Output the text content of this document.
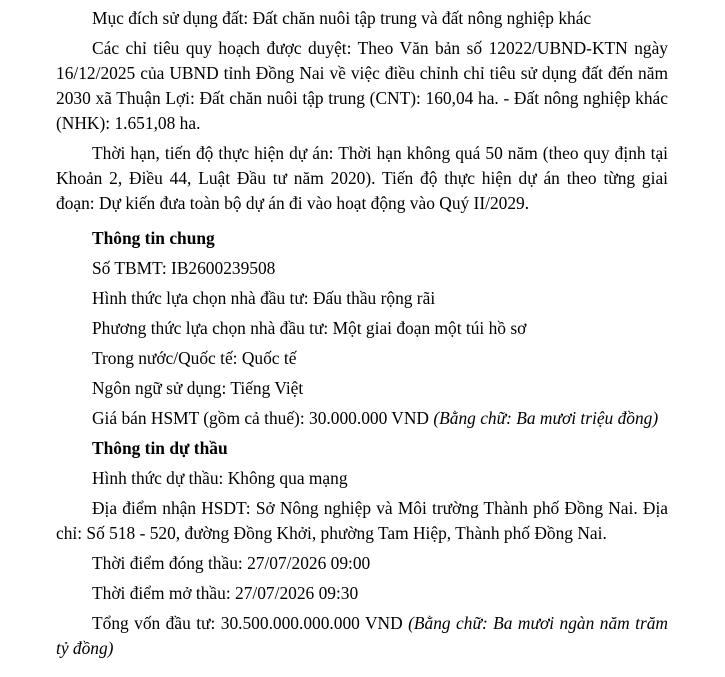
Mục đích sử dụng đất: Đất chăn nuôi tập trung và đất nông nghiệp khác

Các chỉ tiêu quy hoạch được duyệt: Theo Văn bản số 12022/UBND-KTN ngày 16/12/2025 của UBND tỉnh Đồng Nai về việc điều chỉnh chỉ tiêu sử dụng đất đến năm 2030 xã Thuận Lợi: Đất chăn nuôi tập trung (CNT): 160,04 ha. - Đất nông nghiệp khác (NHK): 1.651,08 ha.

Thời hạn, tiến độ thực hiện dự án: Thời hạn không quá 50 năm (theo quy định tại Khoản 2, Điều 44, Luật Đầu tư năm 2020). Tiến độ thực hiện dự án theo từng giai đoạn: Dự kiến đưa toàn bộ dự án đi vào hoạt động vào Quý II/2029.

Thông tin chung

Số TBMT: IB2600239508

Hình thức lựa chọn nhà đầu tư: Đấu thầu rộng rãi

Phương thức lựa chọn nhà đầu tư: Một giai đoạn một túi hồ sơ

Trong nước/Quốc tế: Quốc tế

Ngôn ngữ sử dụng: Tiếng Việt

Giá bán HSMT (gồm cả thuế): 30.000.000 VND (Bằng chữ: Ba mươi triệu đồng)

Thông tin dự thầu

Hình thức dự thầu: Không qua mạng

Địa điểm nhận HSDT: Sở Nông nghiệp và Môi trường Thành phố Đồng Nai. Địa chỉ: Số 518 - 520, đường Đồng Khởi, phường Tam Hiệp, Thành phố Đồng Nai.

Thời điểm đóng thầu: 27/07/2026 09:00

Thời điểm mở thầu: 27/07/2026 09:30

Tổng vốn đầu tư: 30.500.000.000.000 VND (Bằng chữ: Ba mươi ngàn năm trăm tỷ đồng)
